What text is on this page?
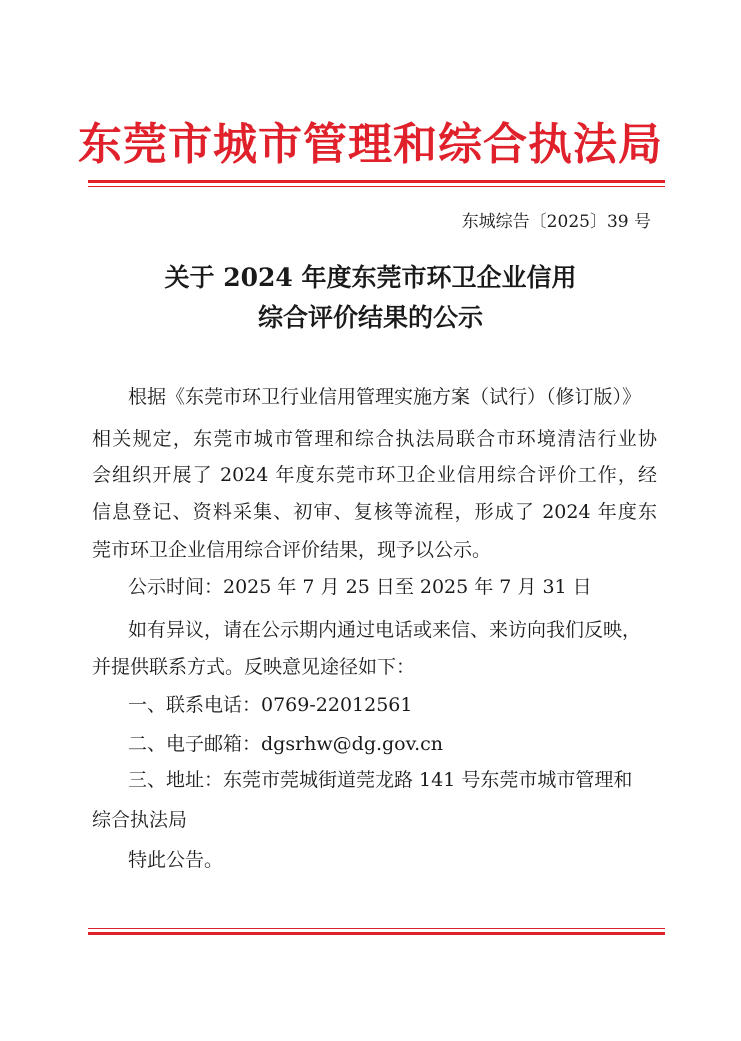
东莞市城市管理和综合执法局
东城综告〔2025〕39 号
关于 2024 年度东莞市环卫企业信用
综合评价结果的公示
根据《东莞市环卫行业信用管理实施方案（试行）（修订版）》
相关规定，东莞市城市管理和综合执法局联合市环境清洁行业协
会组织开展了 2024 年度东莞市环卫企业信用综合评价工作，经
信息登记、资料采集、初审、复核等流程，形成了 2024 年度东
莞市环卫企业信用综合评价结果，现予以公示。
公示时间：2025 年 7 月 25 日至 2025 年 7 月 31 日
如有异议，请在公示期内通过电话或来信、来访向我们反映，
并提供联系方式。反映意见途径如下：
一、联系电话：0769-22012561
二、电子邮箱：dgsrhw@dg.gov.cn
三、地址：东莞市莞城街道莞龙路 141 号东莞市城市管理和
综合执法局
特此公告。
